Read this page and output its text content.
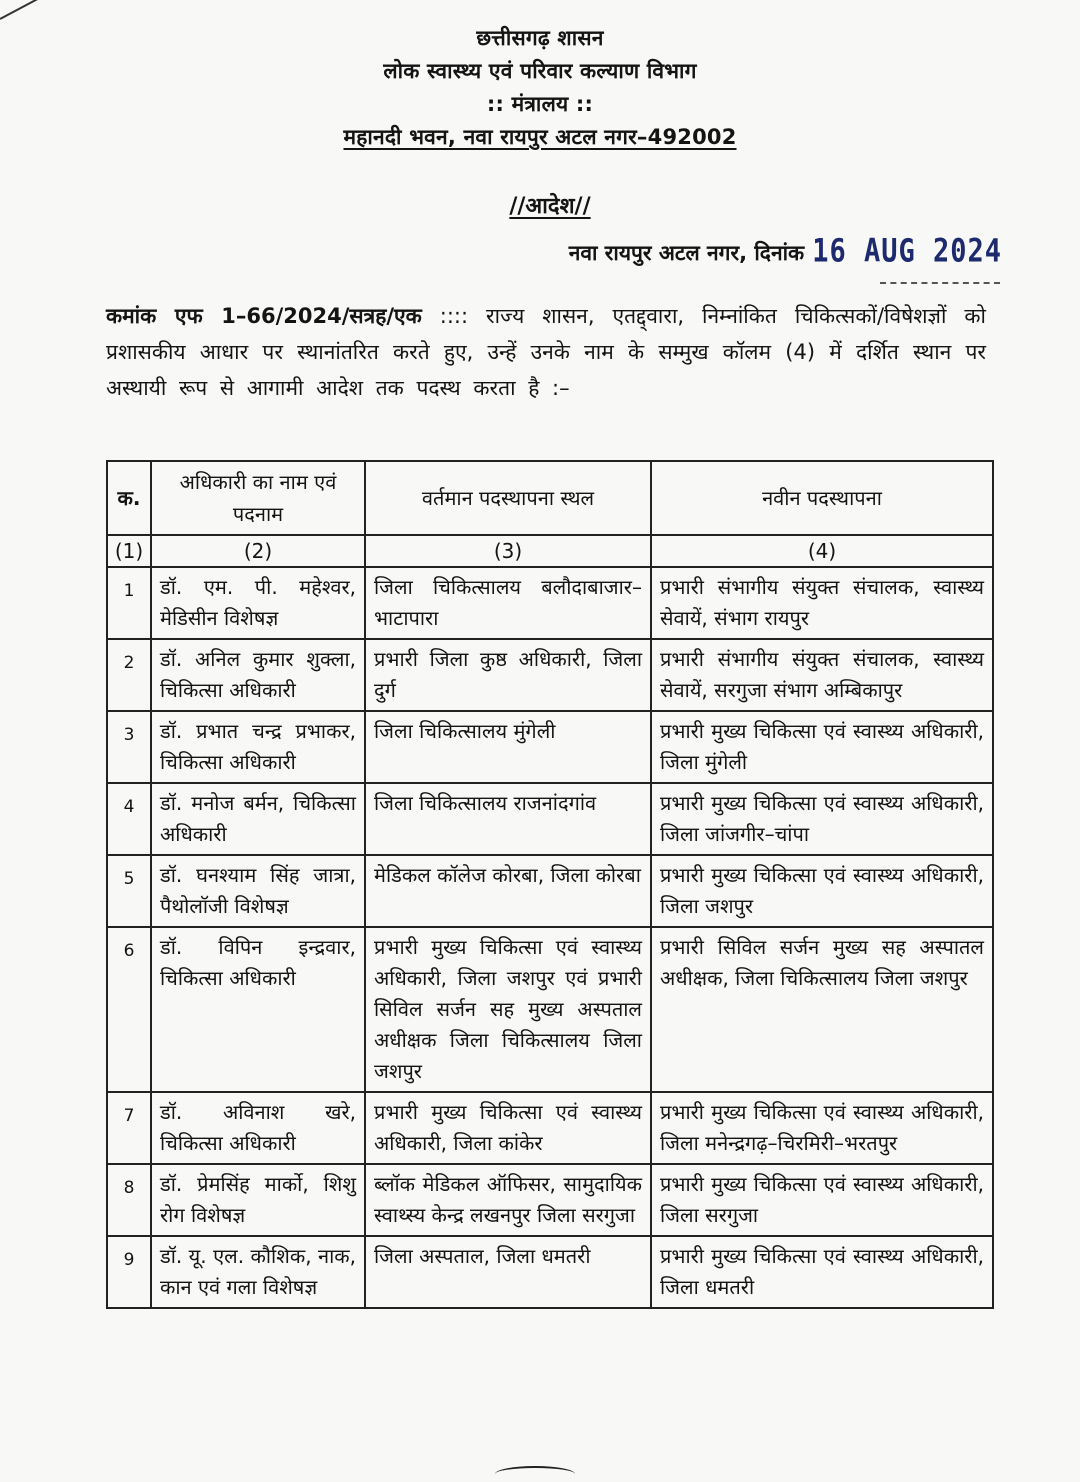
छत्तीसगढ़ शासन
लोक स्वास्थ्य एवं परिवार कल्याण विभाग
:: मंत्रालय ::
महानदी भवन, नवा रायपुर अटल नगर–492002
//आदेश//
नवा रायपुर अटल नगर, दिनांक 16 AUG 2024
कमांक एफ 1–66/2024/सत्रह/एक :::: राज्य शासन, एतद्द्वारा, निम्नांकित चिकित्सकों/विषेशज्ञों को प्रशासकीय आधार पर स्थानांतरित करते हुए, उन्हें उनके नाम के सम्मुख कॉलम (4) में दर्शित स्थान पर अस्थायी रूप से आगामी आदेश तक पदस्थ करता है :–
क.	अधिकारी का नाम एवं पदनाम	वर्तमान पदस्थापना स्थल	नवीन पदस्थापना
(1)	(2)	(3)	(4)
1	डॉ. एम. पी. महेश्वर, मेडिसीन विशेषज्ञ	जिला चिकित्सालय बलौदाबाजार–भाटापारा	प्रभारी संभागीय संयुक्त संचालक, स्वास्थ्य सेवायें, संभाग रायपुर
2	डॉ. अनिल कुमार शुक्ला, चिकित्सा अधिकारी	प्रभारी जिला कुष्ठ अधिकारी, जिला दुर्ग	प्रभारी संभागीय संयुक्त संचालक, स्वास्थ्य सेवायें, सरगुजा संभाग अम्बिकापुर
3	डॉ. प्रभात चन्द्र प्रभाकर, चिकित्सा अधिकारी	जिला चिकित्सालय मुंगेली	प्रभारी मुख्य चिकित्सा एवं स्वास्थ्य अधिकारी, जिला मुंगेली
4	डॉ. मनोज बर्मन, चिकित्सा अधिकारी	जिला चिकित्सालय राजनांदगांव	प्रभारी मुख्य चिकित्सा एवं स्वास्थ्य अधिकारी, जिला जांजगीर–चांपा
5	डॉ. घनश्याम सिंह जात्रा, पैथोलॉजी विशेषज्ञ	मेडिकल कॉलेज कोरबा, जिला कोरबा	प्रभारी मुख्य चिकित्सा एवं स्वास्थ्य अधिकारी, जिला जशपुर
6	डॉ. विपिन इन्द्रवार, चिकित्सा अधिकारी	प्रभारी मुख्य चिकित्सा एवं स्वास्थ्य अधिकारी, जिला जशपुर एवं प्रभारी सिविल सर्जन सह मुख्य अस्पताल अधीक्षक जिला चिकित्सालय जिला जशपुर	प्रभारी सिविल सर्जन मुख्य सह अस्पातल अधीक्षक, जिला चिकित्सालय जिला जशपुर
7	डॉ. अविनाश खरे, चिकित्सा अधिकारी	प्रभारी मुख्य चिकित्सा एवं स्वास्थ्य अधिकारी, जिला कांकेर	प्रभारी मुख्य चिकित्सा एवं स्वास्थ्य अधिकारी, जिला मनेन्द्रगढ़–चिरमिरी–भरतपुर
8	डॉ. प्रेमसिंह मार्को, शिशु रोग विशेषज्ञ	ब्लॉक मेडिकल ऑफिसर, सामुदायिक स्वाथ्स्य केन्द्र लखनपुर जिला सरगुजा	प्रभारी मुख्य चिकित्सा एवं स्वास्थ्य अधिकारी, जिला सरगुजा
9	डॉ. यू. एल. कौशिक, नाक, कान एवं गला विशेषज्ञ	जिला अस्पताल, जिला धमतरी	प्रभारी मुख्य चिकित्सा एवं स्वास्थ्य अधिकारी, जिला धमतरी
